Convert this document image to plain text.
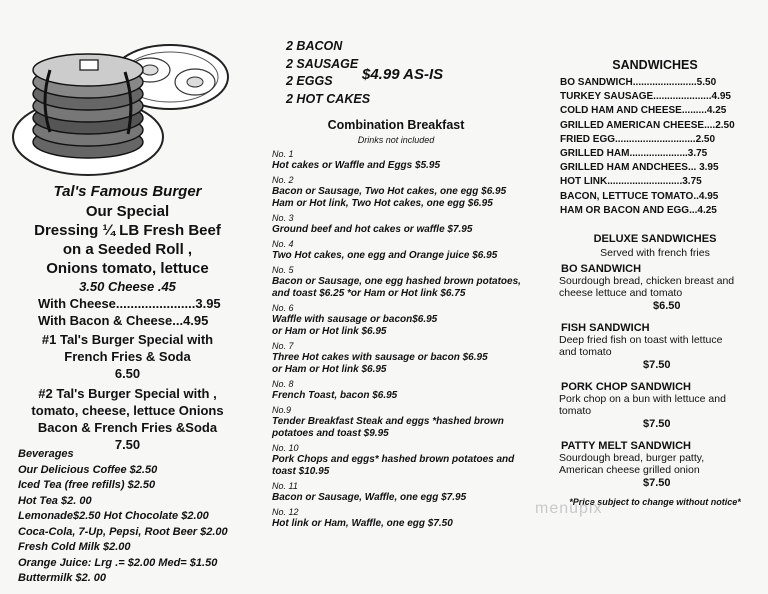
Tal's Famous Burger

Our Special

Dressing ¼ LB Fresh Beef

on a Seeded Roll ,

Onions tomato, lettuce

3.50 Cheese .45

With Cheese......................3.95

With Bacon & Cheese...4.95

#1 Tal's Burger Special with
French Fries & Soda
6.50
#2 Tal's Burger Special with ,
tomato, cheese, lettuce Onions
Bacon & French Fries &Soda
7.50
Beverages
Our Delicious Coffee $2.50
Iced Tea (free refills) $2.50
Hot Tea $2. 00
Lemonade$2.50 Hot Chocolate $2.00
Coca-Cola, 7-Up, Pepsi, Root Beer $2.00
Fresh Cold Milk $2.00
Orange Juice: Lrg .= $2.00 Med= $1.50
Buttermilk $2. 00
2 BACON
2 SAUSAGE
2 EGGS
2 HOT CAKES
$4.99 AS-IS
Combination Breakfast
Drinks not included
No. 1
Hot cakes or Waffle and Eggs $5.95
No. 2
Bacon or Sausage, Two Hot cakes, one egg $6.95
Ham or Hot link, Two Hot cakes, one egg $6.95
No. 3
Ground beef and hot cakes or waffle $7.95
No. 4
Two Hot cakes, one egg and Orange juice $6.95
No. 5
Bacon or Sausage, one egg hashed brown potatoes,
and toast $6.25 *or Ham or Hot link $6.75
No. 6
Waffle with sausage or bacon$6.95
or Ham or Hot link $6.95
No. 7
Three Hot cakes with sausage or bacon $6.95
or Ham or Hot link $6.95
No. 8
French Toast, bacon $6.95
No.9
Tender Breakfast Steak and eggs *hashed brown
potatoes and toast $9.95
No. 10
Pork Chops and eggs* hashed brown potatoes and
toast $10.95
No. 11
Bacon or Sausage, Waffle, one egg $7.95
No. 12
Hot link or Ham, Waffle, one egg $7.50

SANDWICHES

BO SANDWICH.......................5.50
TURKEY SAUSAGE.....................4.95
COLD HAM AND CHEESE.........4.25
GRILLED AMERICAN CHEESE....2.50
FRIED EGG.............................2.50
GRILLED HAM.....................3.75
GRILLED HAM ANDCHEES... 3.95
HOT LINK...........................3.75
BACON, LETTUCE TOMATO..4.95
HAM OR BACON AND EGG...4.25

DELUXE SANDWICHES

Served with french fries

BO SANDWICH

Sourdough bread, chicken breast and

cheese lettuce and tomato

$6.50

FISH SANDWICH

Deep fried fish on toast with lettuce

and tomato

$7.50

PORK CHOP SANDWICH

Pork chop on a bun with lettuce and

tomato

$7.50

PATTY MELT SANDWICH

Sourdough bread, burger patty,

American cheese grilled onion

$7.50

*Price subject to change without notice*
menupix
